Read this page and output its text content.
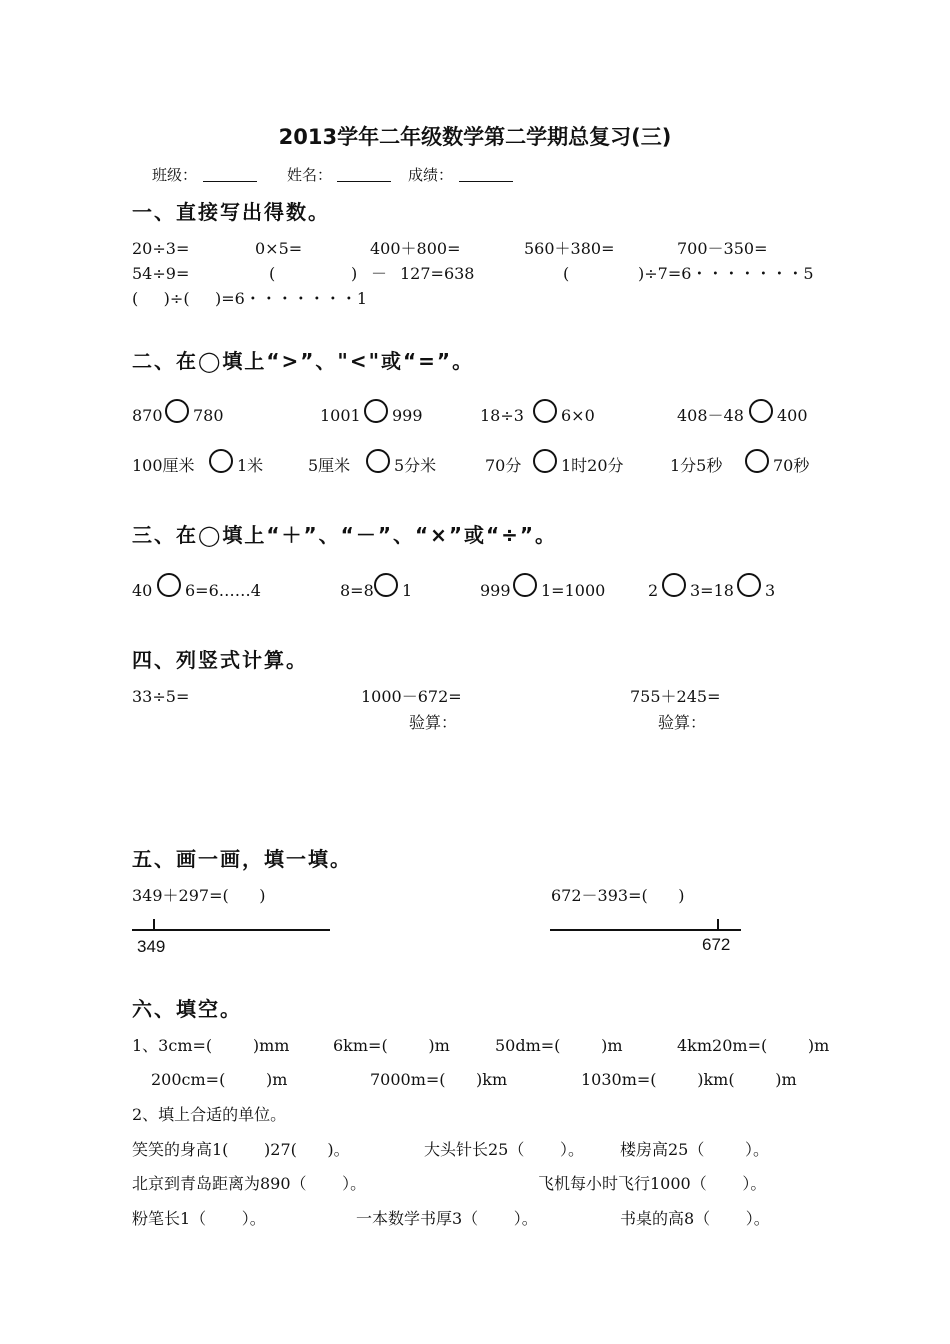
2013学年二年级数学第二学期总复习(三)
班级：	姓名：	成绩：
一、直接写出得数。
20÷3=	0×5=	400＋800=	560＋380=	700－350=
54÷9=	(	) － 127=638	(	)÷7=6・・・・・・・5
(     )÷(     )=6・・・・・・・1
二、在◯填上“>”、"<"或“=”。
870 780	1001 999	18÷3 6×0	408－48 400
100厘米	1米	5厘米	5分米	70分 1时20分	1分5秒	70秒
三、在◯填上“＋”、“－”、“×”或“÷”。
40 6=6……4	8=8 1	999 1=1000	2 3=18 3
四、列竖式计算。
33÷5=	1000－672=	755＋245=
验算：	验算：
五、画一画，填一填。
349＋297=(      )	672－393=(      )
349	672
六、填空。
1、3cm=(        )mm	6km=(        )m	50dm=(        )m	4km20m=(        )m
200cm=(        )m	7000m=(      )km	1030m=(        )km(        )m
2、填上合适的单位。
笑笑的身高1(       )27(      )。	大头针长25（       ）。 楼房高25（        ）。
北京到青岛距离为890（       ）。	飞机每小时飞行1000（       ）。
粉笔长1（       ）。	一本数学书厚3（       ）。	书桌的高8（       ）。
